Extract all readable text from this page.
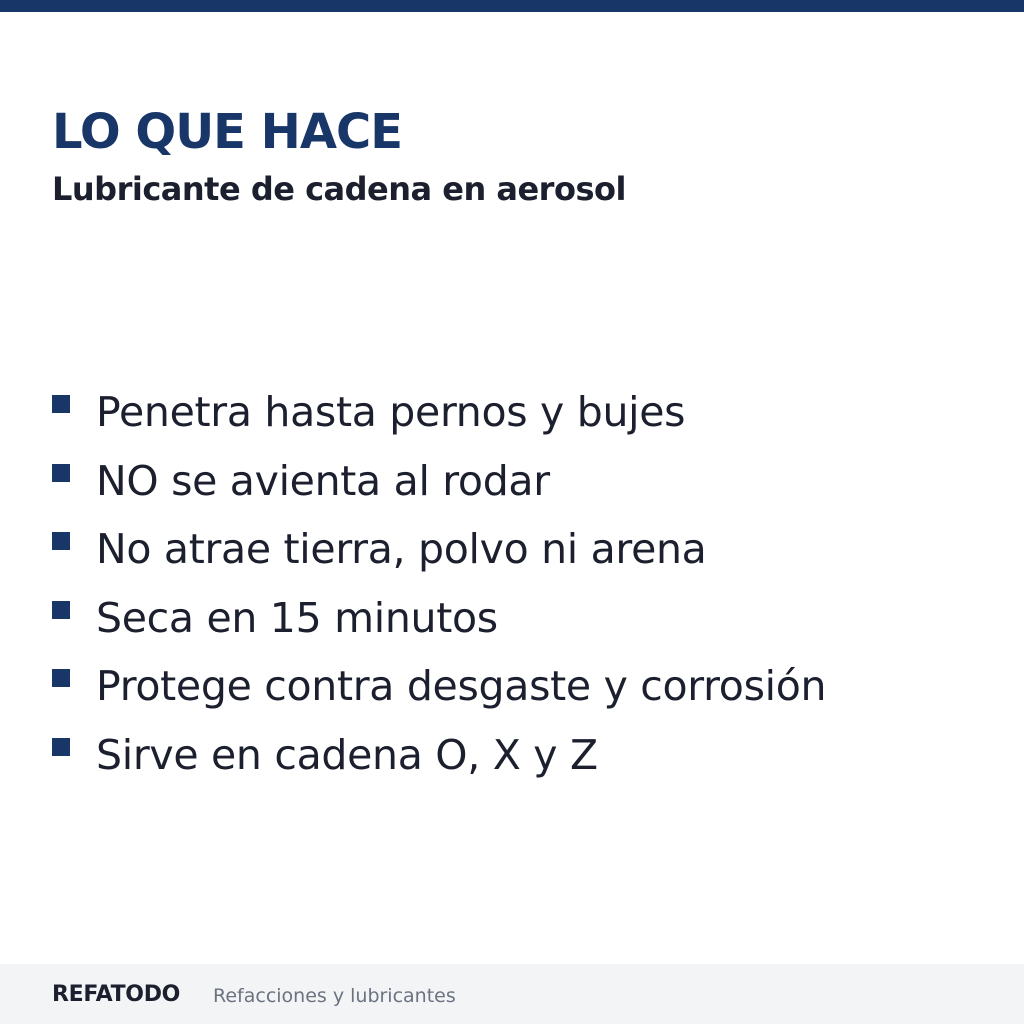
LO QUE HACE
Lubricante de cadena en aerosol
Penetra hasta pernos y bujes
NO se avienta al rodar
No atrae tierra, polvo ni arena
Seca en 15 minutos
Protege contra desgaste y corrosión
Sirve en cadena O, X y Z
REFATODO Refacciones y lubricantes
